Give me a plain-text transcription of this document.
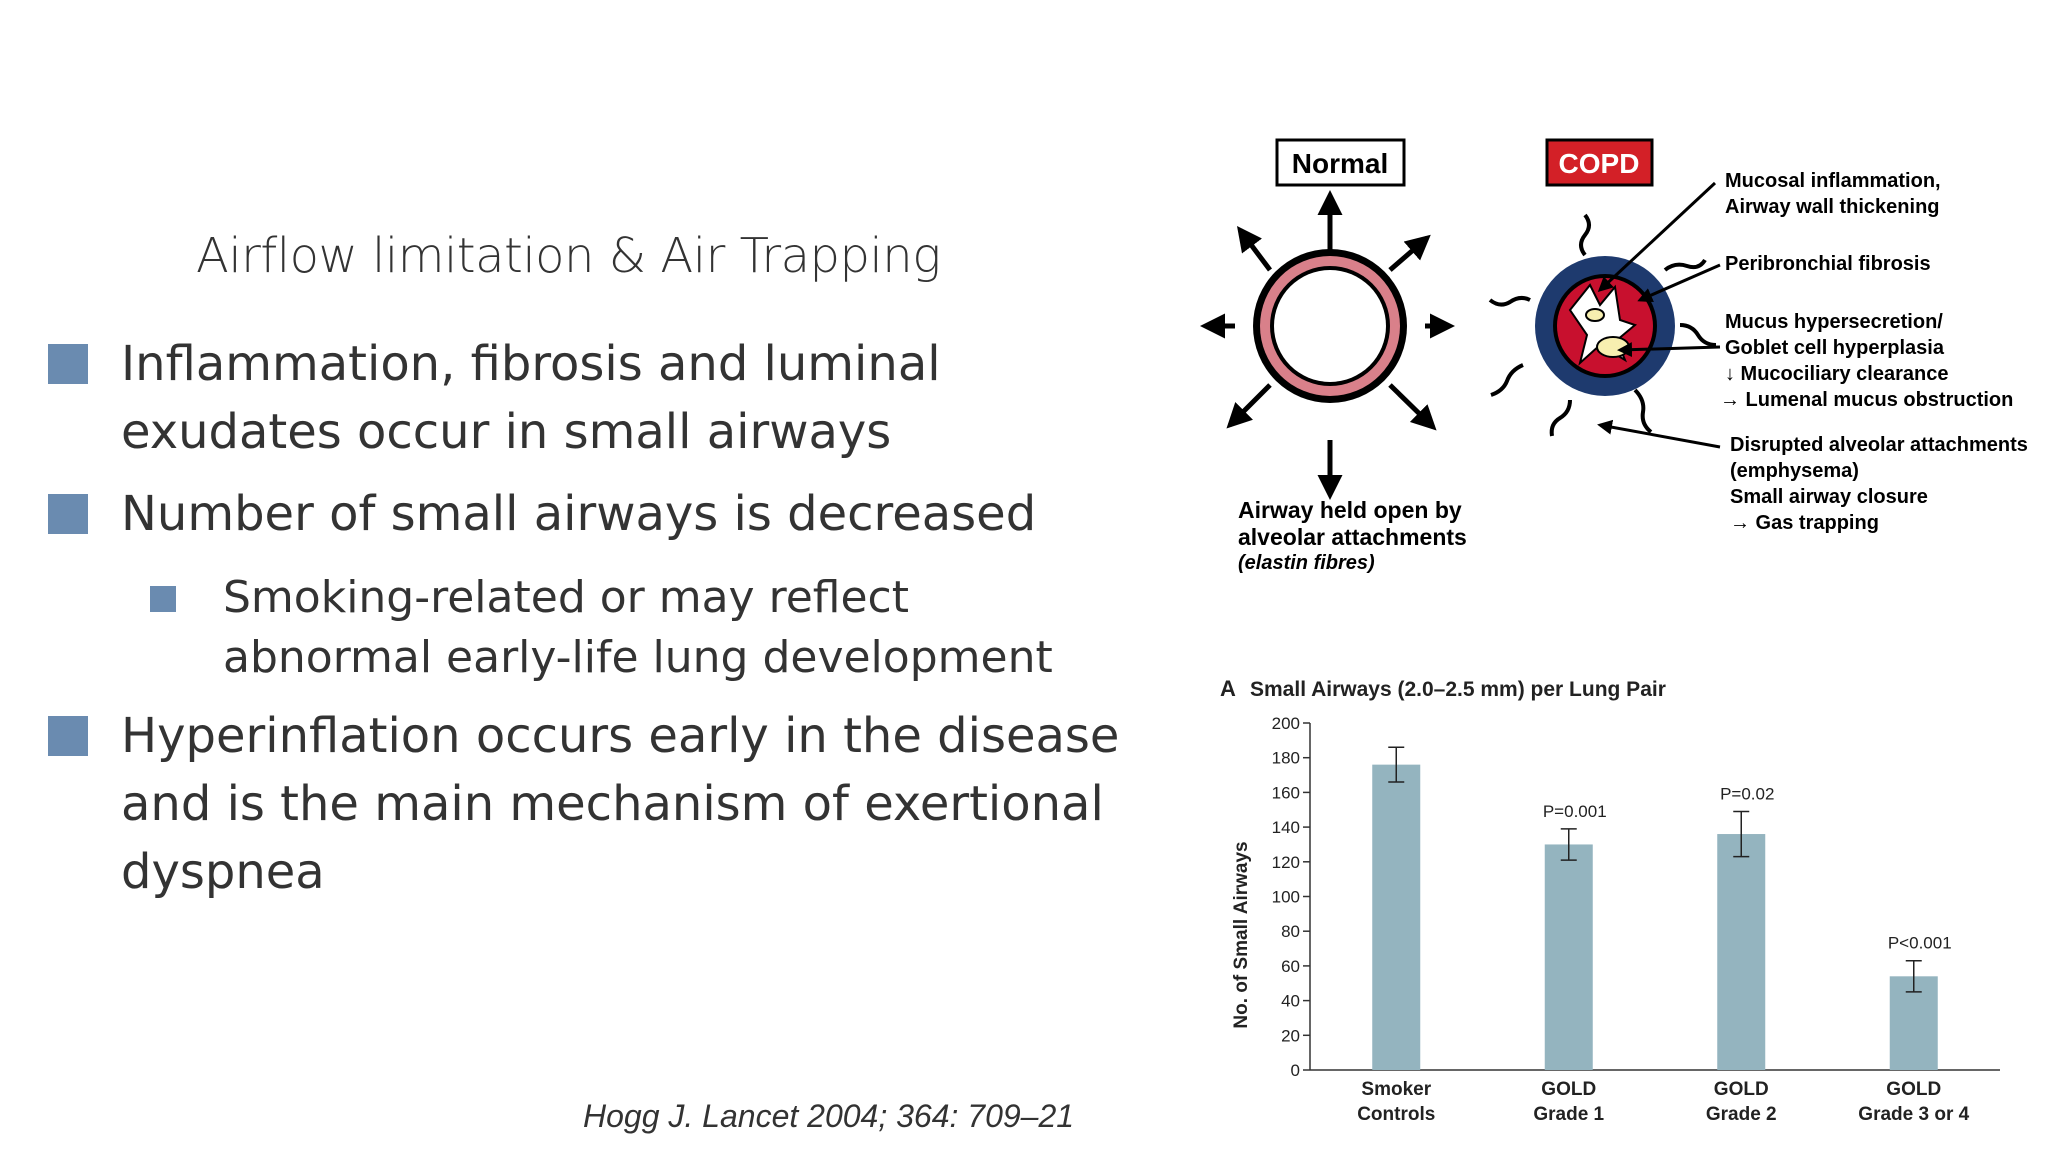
Airflow limitation & Air Trapping
Inflammation, fibrosis and luminal exudates occur in small airways
Number of small airways is decreased
Smoking-related or may reflect abnormal early-life lung development
Hyperinflation occurs early in the disease and is the main mechanism of exertional dyspnea
Hogg J. Lancet 2004; 364: 709–21
Normal
Airway held open by
alveolar attachments
(elastin fibres)
COPD
Mucosal inflammation,
Airway wall thickening
Peribronchial fibrosis
Mucus hypersecretion/
Goblet cell hyperplasia
↓ Mucociliary clearance
→ Lumenal mucus obstruction
Disrupted alveolar attachments
(emphysema)
Small airway closure
→ Gas trapping
A Small Airways (2.0–2.5 mm) per Lung Pair
No. of Small Airways
0
20
40
60
80
100
120
140
160
180
200
Smoker
Controls
P=0.001
GOLD
Grade 1
P=0.02
GOLD
Grade 2
P<0.001
GOLD
Grade 3 or 4
